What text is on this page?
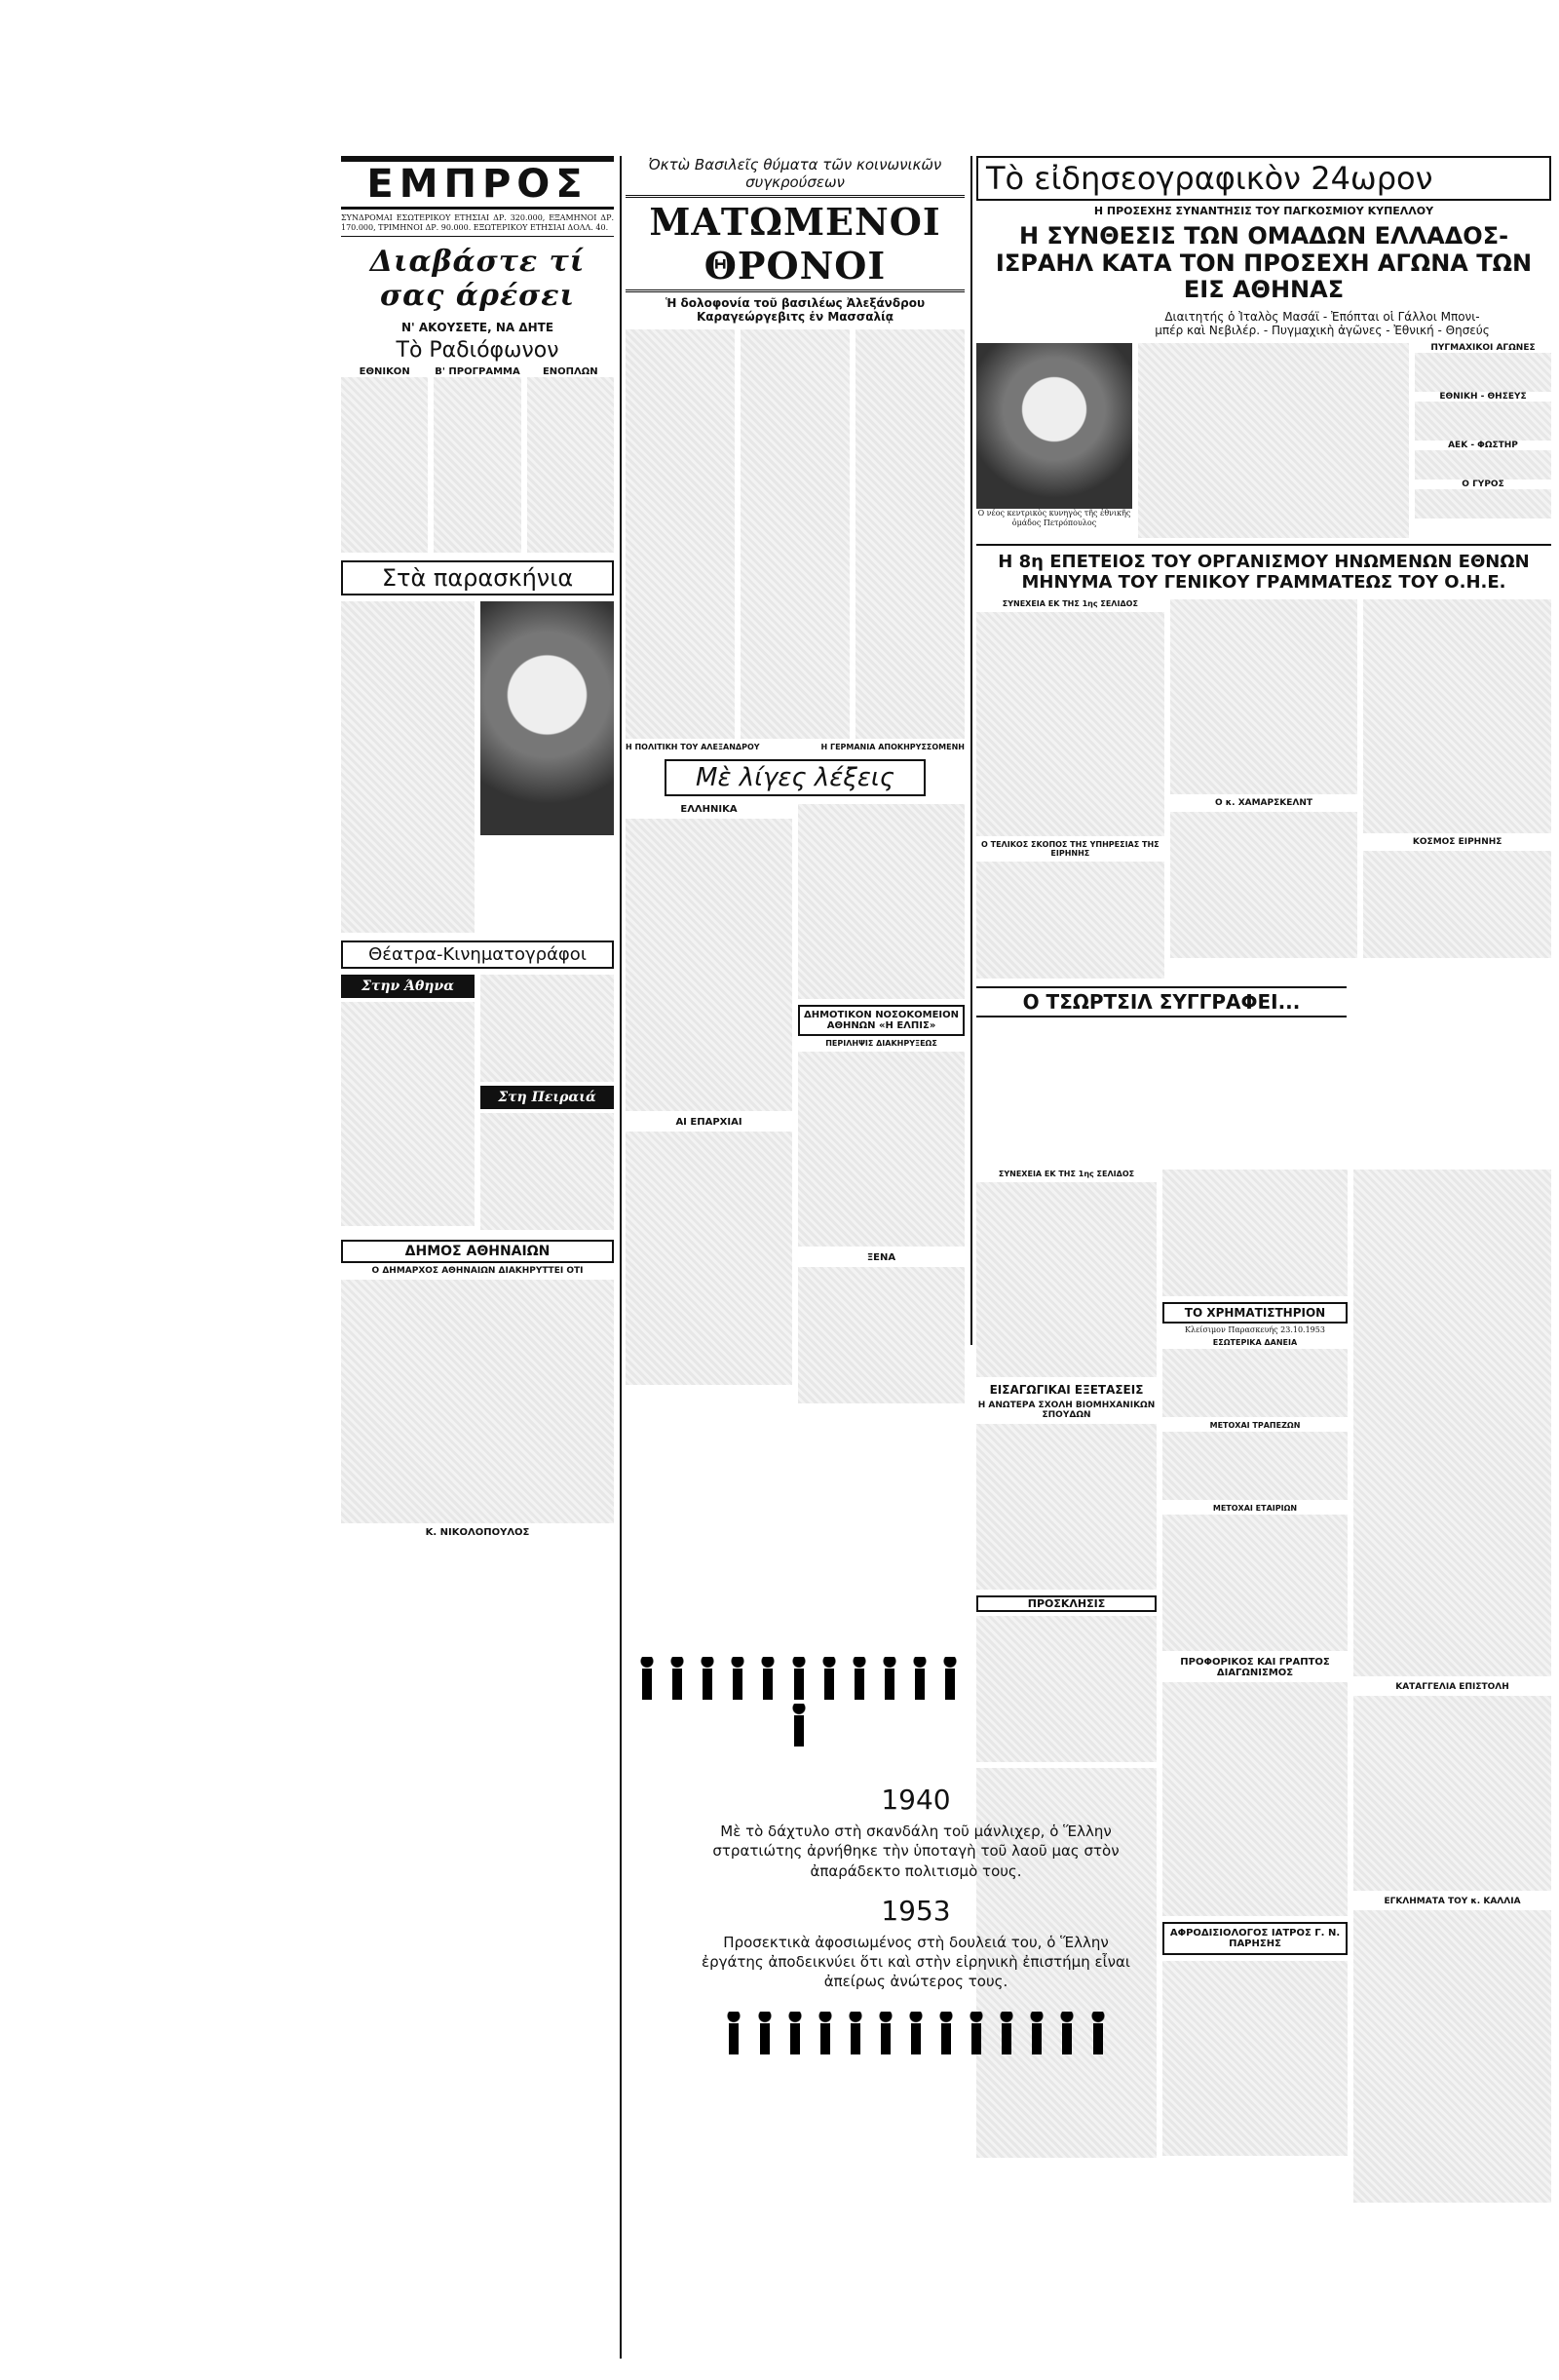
ΕΜΠΡΟΣ
ΣΥΝΔΡΟΜΑΙ ΕΣΩΤΕΡΙΚΟΥ ΕΤΗΣΙΑΙ ΔΡ. 320.000, ΕΞΑΜΗΝΟΙ ΔΡ. 170.000, ΤΡΙΜΗΝΟΙ ΔΡ. 90.000. ΕΞΩΤΕΡΙΚΟΥ ΕΤΗΣΙΑΙ ΔΟΛΛ. 40.
Διαβάστε τί σας άρέσει
Ν' ΑΚΟΥΣΕΤΕ, ΝΑ ΔΗΤΕ
Τὸ Ραδιόφωνον
ΕΘΝΙΚΟΝ	Β' ΠΡΟΓΡΑΜΜΑ	ΕΝΟΠΛΩΝ
Στὰ παρασκήνια
Θέατρα-Κινηματογράφοι
Στην Άθηνα
Στη Πειραιά
ΔΗΜΟΣ ΑΘΗΝΑΙΩΝ
Ο ΔΗΜΑΡΧΟΣ ΑΘΗΝΑΙΩΝ ΔΙΑΚΗΡΥΤΤΕΙ ΟΤΙ
Κ. ΝΙΚΟΛΟΠΟΥΛΟΣ
Ὀκτὼ Βασιλεῖς θύματα τῶν κοινωνικῶν συγκρούσεων
ΜΑΤΩΜΕΝΟΙ ΘΡΟΝΟΙ
Ἡ δολοφονία τοῦ βασιλέως Ἀλεξάνδρου Καραγεώργεβιτς ἐν Μασσαλίᾳ
Η ΠΟΛΙΤΙΚΗ ΤΟΥ ΑΛΕΞΑΝΔΡΟΥ	Η ΓΕΡΜΑΝΙΑ ΑΠΟΚΗΡΥΣΣΟΜΕΝΗ
Μὲ λίγες λέξεις
ΕΛΛΗΝΙΚΑ
ΑΙ ΕΠΑΡΧΙΑΙ
ΔΗΜΟΤΙΚΟΝ ΝΟΣΟΚΟΜΕΙΟΝ ΑΘΗΝΩΝ «Η ΕΛΠΙΣ»
ΠΕΡΙΛΗΨΙΣ ΔΙΑΚΗΡΥΞΕΩΣ
ΞΕΝΑ
Τὸ εἰδησεογραφικὸν 24ωρον
Η ΠΡΟΣΕΧΗΣ ΣΥΝΑΝΤΗΣΙΣ ΤΟΥ ΠΑΓΚΟΣΜΙΟΥ ΚΥΠΕΛΛΟΥ
Η ΣΥΝΘΕΣΙΣ ΤΩΝ ΟΜΑΔΩΝ ΕΛΛΑΔΟΣ-ΙΣΡΑΗΛ ΚΑΤΑ ΤΟΝ ΠΡΟΣΕΧΗ ΑΓΩΝΑ ΤΩΝ ΕΙΣ ΑΘΗΝΑΣ
Διαιτητής ὁ Ἰταλὸς Μασάϊ - Ἐπόπται οἱ Γάλλοι Μπονι-μπέρ καὶ Νεβιλέρ. - Πυγμαχικὴ ἀγῶνες - Ἐθνική - Θησεύς
Ο νέος κεντρικὸς κυνηγὸς τῆς ἐθνικῆς ὁμάδος Πετρόπουλος
ΠΥΓΜΑΧΙΚΟΙ ΑΓΩΝΕΣ
ΕΘΝΙΚΗ - ΘΗΣΕΥΣ
ΑΕΚ - ΦΩΣΤΗΡ
Ο ΓΥΡΟΣ
Η 8η ΕΠΕΤΕΙΟΣ ΤΟΥ ΟΡΓΑΝΙΣΜΟΥ ΗΝΩΜΕΝΩΝ ΕΘΝΩΝ ΜΗΝΥΜΑ ΤΟΥ ΓΕΝΙΚΟΥ ΓΡΑΜΜΑΤΕΩΣ ΤΟΥ Ο.Η.Ε.
ΣΥΝΕΧΕΙΑ ΕΚ ΤΗΣ 1ης ΣΕΛΙΔΟΣ
Ο ΤΕΛΙΚΟΣ ΣΚΟΠΟΣ ΤΗΣ ΥΠΗΡΕΣΙΑΣ ΤΗΣ ΕΙΡΗΝΗΣ
Ο κ. ΧΑΜΑΡΣΚΕΛΝΤ
ΚΟΣΜΟΣ ΕΙΡΗΝΗΣ
Ο ΤΣΩΡΤΣΙΛ ΣΥΓΓΡΑΦΕΙ...
ΣΥΝΕΧΕΙΑ ΕΚ ΤΗΣ 1ης ΣΕΛΙΔΟΣ
ΕΙΣΑΓΩΓΙΚΑΙ ΕΞΕΤΑΣΕΙΣ
Η ΑΝΩΤΕΡΑ ΣΧΟΛΗ ΒΙΟΜΗΧΑΝΙΚΩΝ ΣΠΟΥΔΩΝ
ΠΡΟΣΚΛΗΣΙΣ
ΤΟ ΧΡΗΜΑΤΙΣΤΗΡΙΟΝ
Κλείσιμον Παρασκευής 23.10.1953
ΕΣΩΤΕΡΙΚΑ ΔΑΝΕΙΑ
ΜΕΤΟΧΑΙ ΤΡΑΠΕΖΩΝ
ΜΕΤΟΧΑΙ ΕΤΑΙΡΙΩΝ
ΠΡΟΦΟΡΙΚΟΣ ΚΑΙ ΓΡΑΠΤΟΣ ΔΙΑΓΩΝΙΣΜΟΣ
ΑΦΡΟΔΙΣΙΟΛΟΓΟΣ ΙΑΤΡΟΣ Γ. Ν. ΠΑΡΗΣΗΣ
ΚΑΤΑΓΓΕΛΙΑ ΕΠΙΣΤΟΛΗ
ΕΓΚΛΗΜΑΤΑ ΤΟΥ κ. ΚΑΛΛΙΑ

1940
Μὲ τὸ δάχτυλο στὴ σκανδάλη τοῦ μάνλιχερ, ὁ Ἕλλην στρατιώτης ἀρνήθηκε τὴν ὑποταγὴ τοῦ λαοῦ μας στὸν ἀπαράδεκτο πολιτισμὸ τους.
1953
Προσεκτικὰ ἀφοσιωμένος στὴ δουλειά του, ὁ Ἕλλην ἐργάτης ἀποδεικνύει ὅτι καὶ στὴν εἰρηνικὴ ἐπιστήμη εἶναι ἀπείρως ἀνώτερος τους.
